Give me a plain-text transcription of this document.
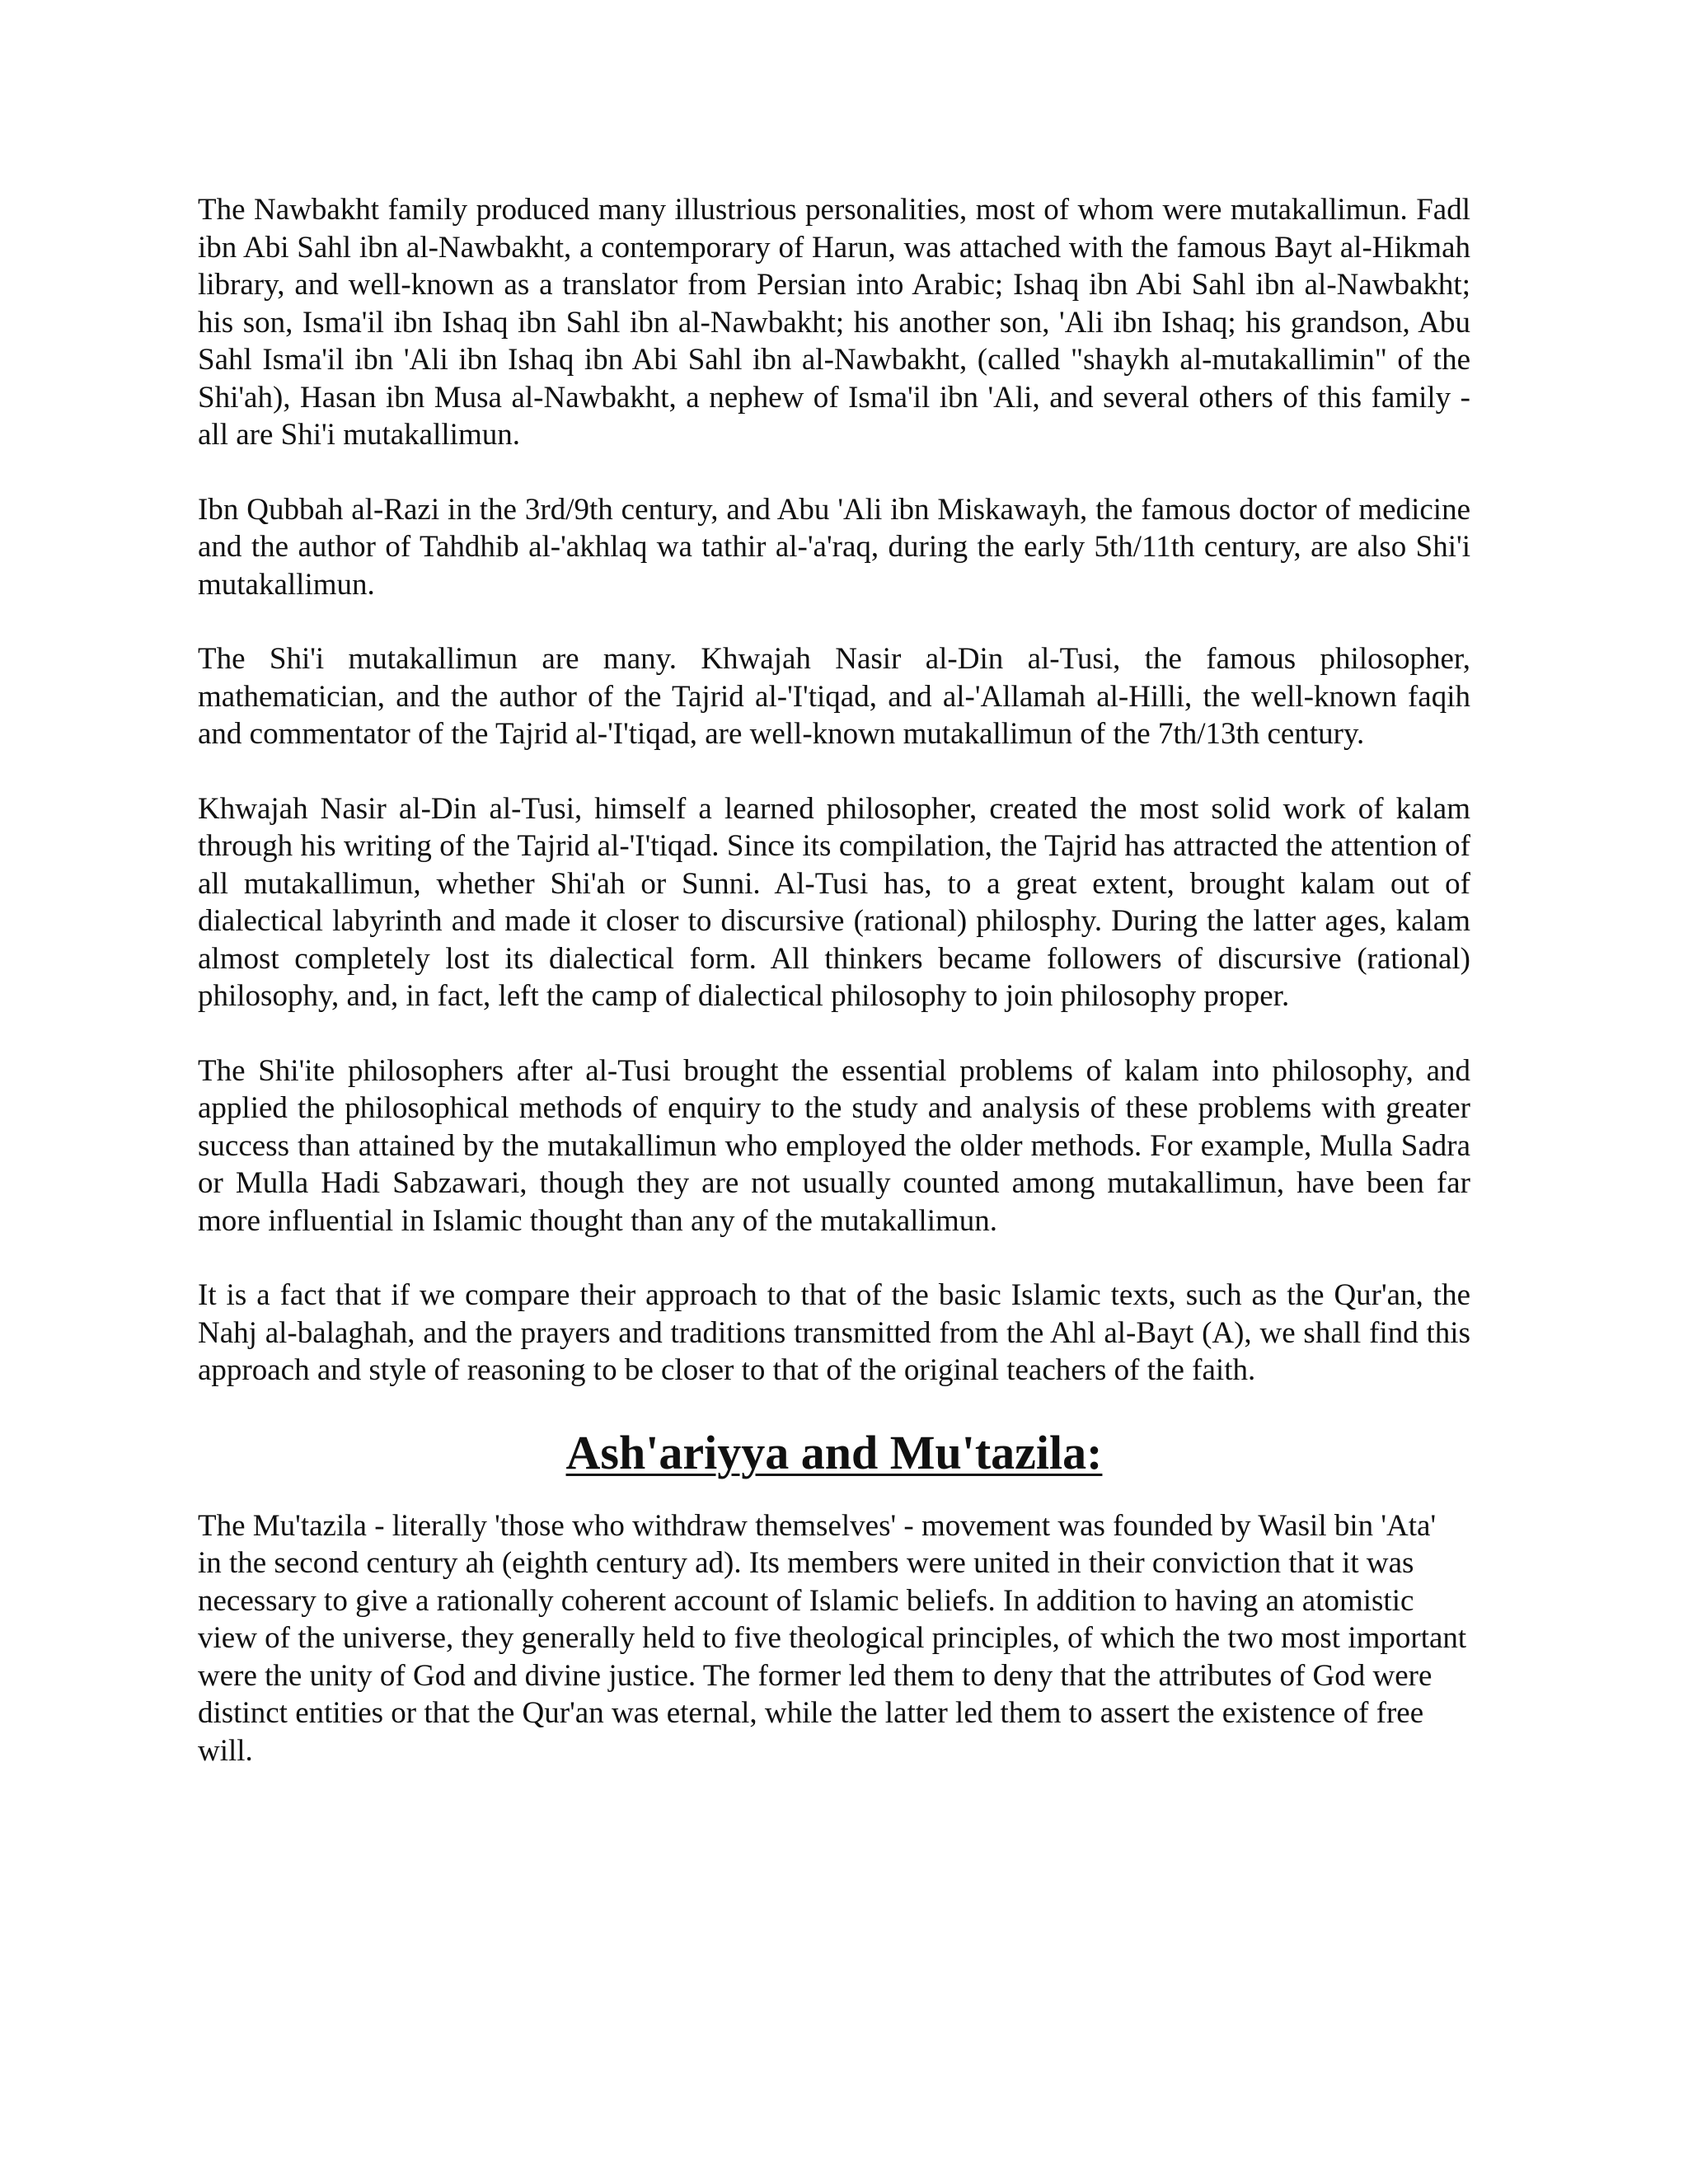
The Nawbakht family produced many illustrious personalities, most of whom were mutakallimun. Fadl ibn Abi Sahl ibn al-Nawbakht, a contemporary of Harun, was attached with the famous Bayt al-Hikmah library, and well-known as a translator from Persian into Arabic; Ishaq ibn Abi Sahl ibn al-Nawbakht; his son, Isma'il ibn Ishaq ibn Sahl ibn al-Nawbakht; his another son, 'Ali ibn Ishaq; his grandson, Abu Sahl Isma'il ibn 'Ali ibn Ishaq ibn Abi Sahl ibn al-Nawbakht, (called "shaykh al-mutakallimin" of the Shi'ah), Hasan ibn Musa al-Nawbakht, a nephew of Isma'il ibn 'Ali, and several others of this family - all are Shi'i mutakallimun.

Ibn Qubbah al-Razi in the 3rd/9th century, and Abu 'Ali ibn Miskawayh, the famous doctor of medicine and the author of Tahdhib al-'akhlaq wa tathir al-'a'raq, during the early 5th/11th century, are also Shi'i mutakallimun.

The Shi'i mutakallimun are many. Khwajah Nasir al-Din al-Tusi, the famous philosopher, mathematician, and the author of the Tajrid al-'I'tiqad, and al-'Allamah al-Hilli, the well-known faqih and commentator of the Tajrid al-'I'tiqad, are well-known mutakallimun of the 7th/13th century.

Khwajah Nasir al-Din al-Tusi, himself a learned philosopher, created the most solid work of kalam through his writing of the Tajrid al-'I'tiqad. Since its compilation, the Tajrid has attracted the attention of all mutakallimun, whether Shi'ah or Sunni. Al-Tusi has, to a great extent, brought kalam out of dialectical labyrinth and made it closer to discursive (rational) philosphy. During the latter ages, kalam almost completely lost its dialectical form. All thinkers became followers of discursive (rational) philosophy, and, in fact, left the camp of dialectical philosophy to join philosophy proper.

The Shi'ite philosophers after al-Tusi brought the essential problems of kalam into philosophy, and applied the philosophical methods of enquiry to the study and analysis of these problems with greater success than attained by the mutakallimun who employed the older methods. For example, Mulla Sadra or Mulla Hadi Sabzawari, though they are not usually counted among mutakallimun, have been far more influential in Islamic thought than any of the mutakallimun.

It is a fact that if we compare their approach to that of the basic Islamic texts, such as the Qur'an, the Nahj al-balaghah, and the prayers and traditions transmitted from the Ahl al-Bayt (A), we shall find this approach and style of reasoning to be closer to that of the original teachers of the faith.

Ash'ariyya and Mu'tazila:

The Mu'tazila - literally 'those who withdraw themselves' - movement was founded by Wasil bin 'Ata' in the second century ah (eighth century ad). Its members were united in their conviction that it was necessary to give a rationally coherent account of Islamic beliefs. In addition to having an atomistic view of the universe, they generally held to five theological principles, of which the two most important were the unity of God and divine justice. The former led them to deny that the attributes of God were distinct entities or that the Qur'an was eternal, while the latter led them to assert the existence of free will.
